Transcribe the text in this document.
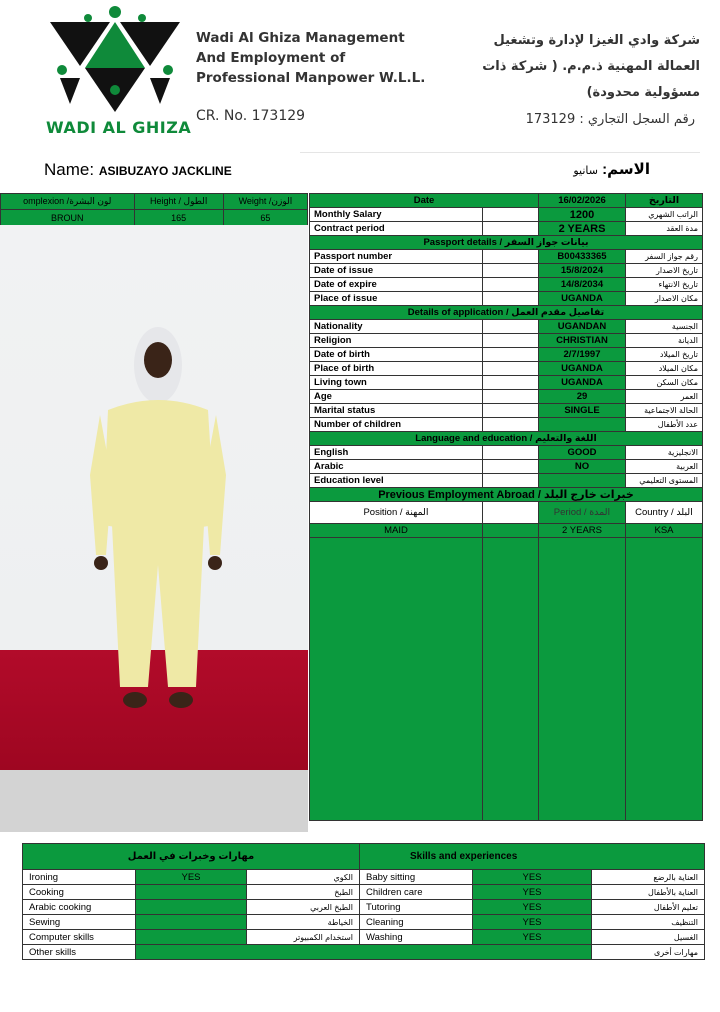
WADI AL GHIZA
Wadi Al Ghiza Management And Employment of Professional Manpower W.L.L.
CR. No. 173129
شركة وادي الغيزا لإدارة وتشغيل العمالة المهنية ذ.م.م. ( شركة ذات مسؤولية محدودة)
رقم السجل التجاري : 173129
Name: ASIBUZAYO JACKLINE	الاسم: سانيو
omplexion /لون البشرة	Height / الطول	Weight /الوزن
BROUN	165	65
Date		16/02/2026	التاريخ
Monthly Salary		1200	الراتب الشهري
Contract period		2 YEARS	مدة العقد
Passport details / بيانات جواز السفر			
Passport number		B00433365	رقم جواز السفر
Date of issue		15/8/2024	تاريخ الاصدار
Date of expire		14/8/2034	تاريخ الانتهاء
Place of issue		UGANDA	مكان الاصدار
Details of application / تفاصيل مقدم العمل			
Nationality		UGANDAN	الجنسية
Religion		CHRISTIAN	الديانة
Date of birth		2/7/1997	تاريخ الميلاد
Place of birth		UGANDA	مكان الميلاد
Living town		UGANDA	مكان السكن
Age		29	العمر
Marital status		SINGLE	الحالة الاجتماعية
Number of children			عدد الأطفال
Language and education / اللغة والتعليم			
English		GOOD	الانجليزية
Arabic		NO	العربية
Education level			المستوى التعليمي
Previous Employment Abroad / خبرات خارج البلد			
Position / المهنة		Period / المدة	Country / البلد
MAID		2 YEARS	KSA

مهارات وخبرات في العمل			Skills and experiences		
Ironing	YES	الكوي	Baby sitting	YES	العناية بالرضع
Cooking		الطبخ	Children care	YES	العناية بالأطفال
Arabic cooking		الطبخ العربي	Tutoring	YES	تعليم الأطفال
Sewing		الخياطة	Cleaning	YES	التنظيف
Computer skills		استخدام الكمبيوتر	Washing	YES	الغسيل
Other skills					مهارات أخرى
